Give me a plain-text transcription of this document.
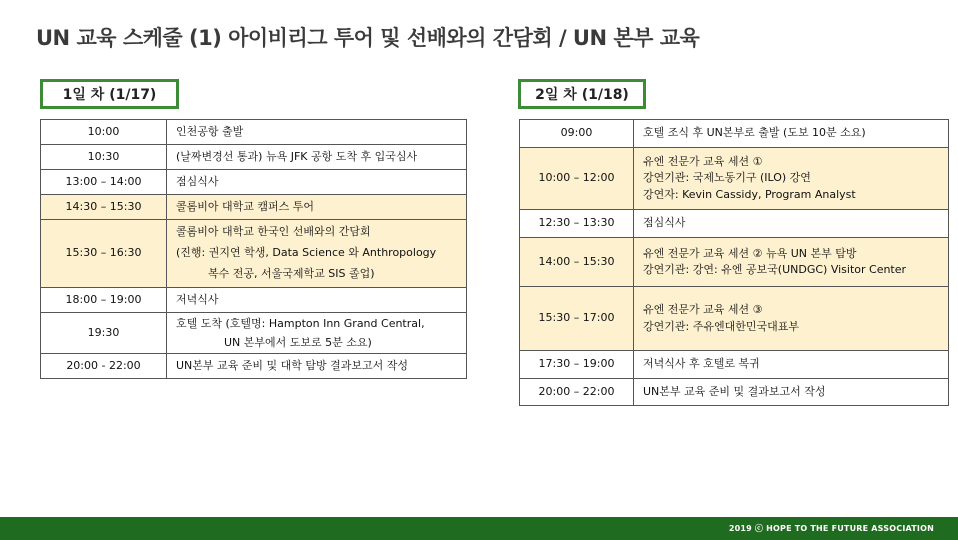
UN 교육 스케줄 (1) 아이비리그 투어 및 선배와의 간담회 / UN 본부 교육
1일 차 (1/17)	2일 차 (1/18)
10:00	인천공항 출발
10:30	(날짜변경선 통과) 뉴욕 JFK 공항 도착 후 입국심사
13:00 – 14:00	점심식사
14:30 – 15:30	콜롬비아 대학교 캠퍼스 투어
15:30 – 16:30	콜롬비아 대학교 한국인 선배와의 간담회
(진행: 권지연 학생, Data Science 와 Anthropology
복수 전공, 서울국제학교 SIS 졸업)

18:00 – 19:00	저녁식사
19:30	호텔 도착 (호텔명: Hampton Inn Grand Central,
UN 본부에서 도보로 5분 소요)

20:00 - 22:00	UN본부 교육 준비 및 대학 탐방 결과보고서 작성
09:00	호텔 조식 후 UN본부로 출발 (도보 10분 소요)
10:00 – 12:00	유엔 전문가 교육 세션 ①
강연기관: 국제노동기구 (ILO) 강연
강연자: Kevin Cassidy, Program Analyst

12:30 – 13:30	점심식사
14:00 – 15:30	유엔 전문가 교육 세션 ② 뉴욕 UN 본부 탐방
강연기관: 강연: 유엔 공보국(UNDGC) Visitor Center

15:30 – 17:00	유엔 전문가 교육 세션 ③
강연기관: 주유엔대한민국대표부

17:30 – 19:00	저녁식사 후 호텔로 복귀
20:00 – 22:00	UN본부 교육 준비 및 결과보고서 작성
2019 ⓒ HOPE TO THE FUTURE ASSOCIATION
